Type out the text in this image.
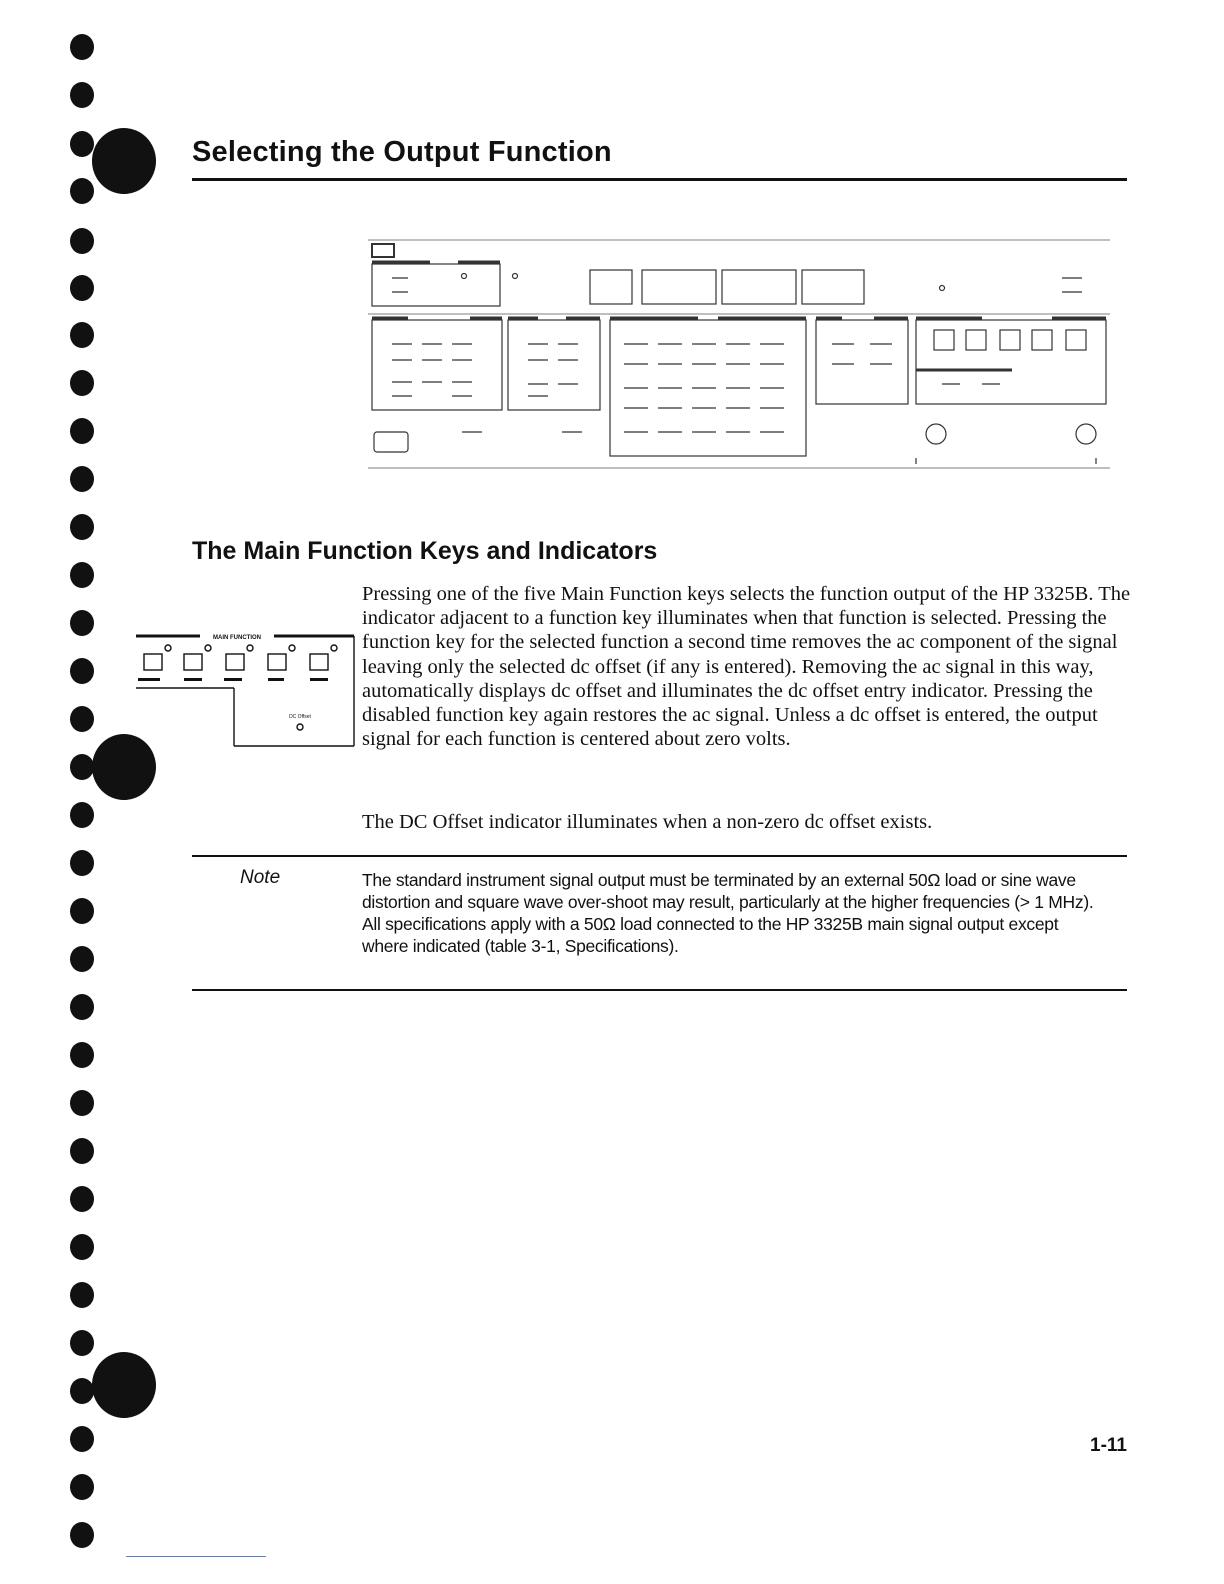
Selecting the Output Function
The Main Function Keys and Indicators
MAIN FUNCTION
DC Offset

Pressing one of the five Main Function keys selects the function output of the HP 3325B. The indicator adjacent to a function key illuminates when that function is selected. Pressing the function key for the selected function a second time removes the ac component of the signal leaving only the selected dc offset (if any is entered). Removing the ac signal in this way, automatically displays dc offset and illuminates the dc offset entry indicator. Pressing the disabled function key again restores the ac signal. Unless a dc offset is entered, the output signal for each function is centered about zero volts.

The DC Offset indicator illuminates when a non-zero dc offset exists.

Note	The standard instrument signal output must be terminated by an external 50Ω load or sine wave distortion and square wave over-shoot may result, particularly at the higher frequencies (> 1 MHz). All specifications apply with a 50Ω load connected to the HP 3325B main signal output except where indicated (table 3-1, Specifications).
1-11
